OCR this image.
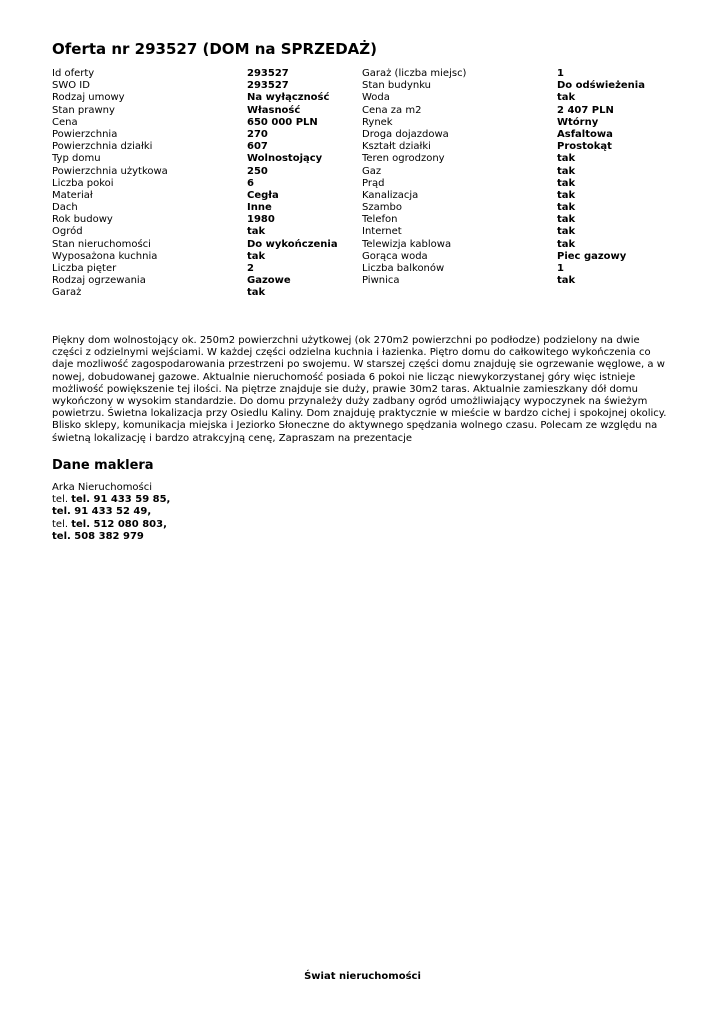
Oferta nr 293527 (DOM na SPRZEDAŻ)
Id oferty	293527
SWO ID	293527
Rodzaj umowy	Na wyłączność
Stan prawny	Własność
Cena	650 000 PLN
Powierzchnia	270
Powierzchnia działki	607
Typ domu	Wolnostojący
Powierzchnia użytkowa	250
Liczba pokoi	6
Materiał	Cegła
Dach	Inne
Rok budowy	1980
Ogród	tak
Stan nieruchomości	Do wykończenia
Wyposażona kuchnia	tak
Liczba pięter	2
Rodzaj ogrzewania	Gazowe
Garaż	tak
Garaż (liczba miejsc)	1
Stan budynku	Do odświeżenia
Woda	tak
Cena za m2	2 407 PLN
Rynek	Wtórny
Droga dojazdowa	Asfaltowa
Kształt działki	Prostokąt
Teren ogrodzony	tak
Gaz	tak
Prąd	tak
Kanalizacja	tak
Szambo	tak
Telefon	tak
Internet	tak
Telewizja kablowa	tak
Gorąca woda	Piec gazowy
Liczba balkonów	1
Piwnica	tak
Piękny dom wolnostojący ok. 250m2 powierzchni użytkowej (ok 270m2 powierzchni po podłodze) podzielony na dwie części z odzielnymi wejściami. W każdej części odzielna kuchnia i łazienka. Piętro domu do całkowitego wykończenia co daje mozliwość zagospodarowania przestrzeni po swojemu. W starszej części domu znajduję sie ogrzewanie węglowe, a w nowej, dobudowanej gazowe. Aktualnie nieruchomość posiada 6 pokoi nie licząc niewykorzystanej góry więc istnieje możliwość powiększenie tej ilości. Na piętrze znajduje sie duży, prawie 30m2 taras. Aktualnie zamieszkany dół domu wykończony w wysokim standardzie. Do domu przynależy duży zadbany ogród umożliwiający wypoczynek na świeżym powietrzu. Świetna lokalizacja przy Osiedlu Kaliny. Dom znajduję praktycznie w mieście w bardzo cichej i spokojnej okolicy. Blisko sklepy, komunikacja miejska i Jeziorko Słoneczne do aktywnego spędzania wolnego czasu. Polecam ze względu na świetną lokalizację i bardzo atrakcyjną cenę, Zapraszam na prezentacje
Dane maklera
Arka Nieruchomości
tel. tel. 91 433 59 85,
tel. 91 433 52 49,
tel. tel. 512 080 803,
tel. 508 382 979
Świat nieruchomości
